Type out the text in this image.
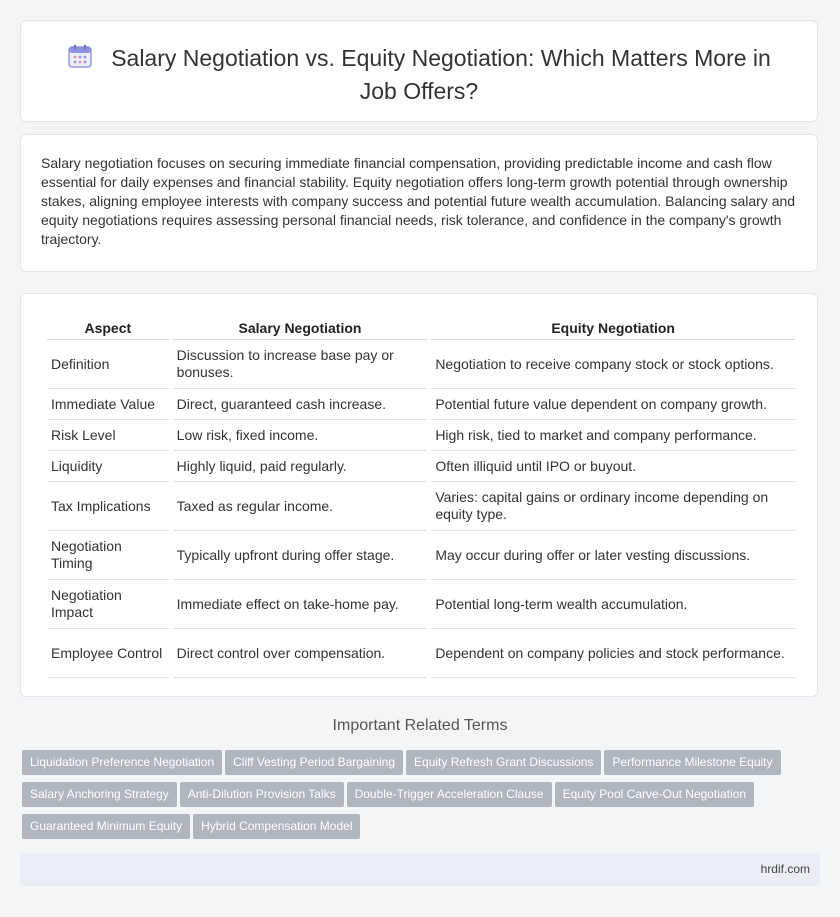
Salary Negotiation vs. Equity Negotiation: Which Matters More in Job Offers?

Salary negotiation focuses on securing immediate financial compensation, providing predictable income and cash flow essential for daily expenses and financial stability. Equity negotiation offers long-term growth potential through ownership stakes, aligning employee interests with company success and potential future wealth accumulation. Balancing salary and equity negotiations requires assessing personal financial needs, risk tolerance, and confidence in the company's growth trajectory.

Aspect	Salary Negotiation	Equity Negotiation
Definition	Discussion to increase base pay or bonuses.	Negotiation to receive company stock or stock options.
Immediate Value	Direct, guaranteed cash increase.	Potential future value dependent on company growth.
Risk Level	Low risk, fixed income.	High risk, tied to market and company performance.
Liquidity	Highly liquid, paid regularly.	Often illiquid until IPO or buyout.
Tax Implications	Taxed as regular income.	Varies: capital gains or ordinary income depending on equity type.
Negotiation Timing	Typically upfront during offer stage.	May occur during offer or later vesting discussions.
Negotiation Impact	Immediate effect on take-home pay.	Potential long-term wealth accumulation.
Employee Control	Direct control over compensation.	Dependent on company policies and stock performance.
Important Related Terms
Liquidation Preference Negotiation Cliff Vesting Period Bargaining Equity Refresh Grant Discussions Performance Milestone Equity
Salary Anchoring Strategy Anti-Dilution Provision Talks Double-Trigger Acceleration Clause Equity Pool Carve-Out Negotiation
Guaranteed Minimum Equity Hybrid Compensation Model
hrdif.com
